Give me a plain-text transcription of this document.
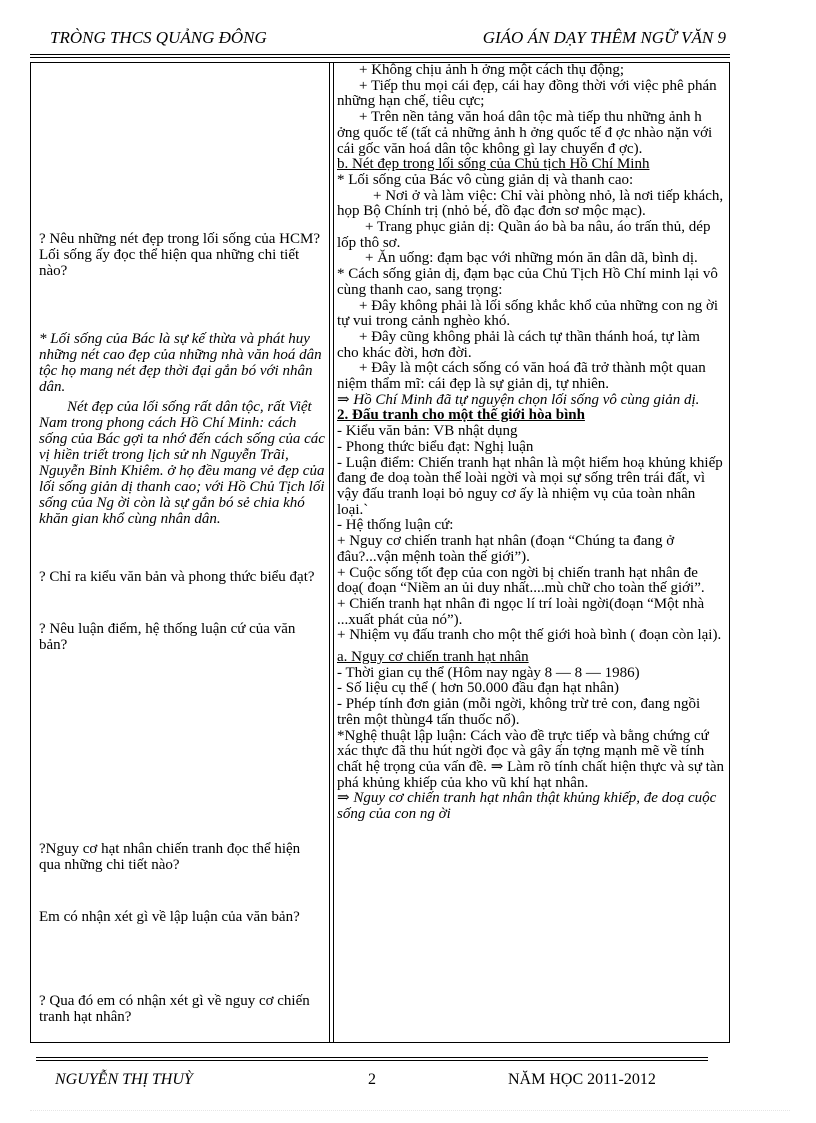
TRÒNG THCS QUẢNG ĐÔNG	GIÁO ÁN DẠY THÊM NGỮ VĂN 9
? Nêu những nét đẹp trong lối sống của HCM?Lối sống ấy đọc thể hiện qua những chi tiết nào?
* Lối sống của Bác là sự kế thừa và phát huy những nét cao đẹp của những nhà văn hoá dân tộc họ mang nét đẹp thời đại gắn bó với nhân dân.
Nét đẹp của lối sống rất dân tộc, rất Việt Nam trong phong cách Hồ Chí Minh: cách sống của Bác gợi ta nhớ đến cách sống của các vị hiền triết trong lịch sử nh Nguyễn Trãi, Nguyễn Bỉnh Khiêm. ở họ đều mang vẻ đẹp của lối sống giản dị thanh cao; với Hồ Chủ Tịch lối sống của Ng ời còn là sự gắn bó sẻ chia khó khăn gian khổ cùng nhân dân.
? Chỉ ra kiểu văn bản và phong thức biểu đạt?
? Nêu luận điểm, hệ thống luận cứ của văn bản?
?Nguy cơ hạt nhân chiến tranh đọc thể hiện qua những chi tiết nào?
Em có nhận xét gì về lập luận của văn bản?
? Qua đó em có nhận xét gì về nguy cơ chiến tranh hạt nhân?
+ Không chịu ảnh h ởng một cách thụ động;
+ Tiếp thu mọi cái đẹp, cái hay đồng thời với việc phê phán những hạn chế, tiêu cực;
+ Trên nền tảng văn hoá dân tộc mà tiếp thu những ảnh h ởng quốc tế (tất cả những ảnh h ởng quốc tế đ ợc nhào nặn với cái gốc văn hoá dân tộc không gì lay chuyển đ ợc).
b. Nét đẹp trong lối sống của Chủ tịch Hồ Chí Minh
* Lối sống của Bác vô cùng giản dị và thanh cao:
+ Nơi ở và làm việc: Chỉ vài phòng nhỏ, là nơi tiếp khách, họp Bộ Chính trị (nhỏ bé, đồ đạc đơn sơ mộc mạc).
+ Trang phục giản dị: Quần áo bà ba nâu, áo trấn thủ, dép lốp thô sơ.
+ Ăn uống: đạm bạc với những món ăn dân dã, bình dị.
* Cách sống giản dị, đạm bạc của Chủ Tịch Hồ Chí minh lại vô cùng thanh cao, sang trọng:
+ Đây không phải là lối sống khắc khổ của những con ng ời tự vui trong cảnh nghèo khó.
+ Đây cũng không phải là cách tự thần thánh hoá, tự làm cho khác đời, hơn đời.
+ Đây là một cách sống có văn hoá đã trở thành một quan niệm thẩm mĩ: cái đẹp là sự giản dị, tự nhiên.
⇒ Hồ Chí Minh đã tự nguyện chọn lối sống vô cùng giản dị.
2. Đấu tranh cho một thế giới hòa bình
- Kiểu văn bản: VB nhật dụng
- Phong thức biểu đạt: Nghị luận
- Luận điểm: Chiến tranh hạt nhân là một hiểm hoạ khủng khiếp đang đe doạ toàn thể loài ngời và mọi sự sống trên trái đất, vì vậy đấu tranh loại bỏ nguy cơ ấy là nhiệm vụ của toàn nhân loại.`
- Hệ thống luận cứ:
+ Nguy cơ chiến tranh hạt nhân (đoạn “Chúng ta đang ở đâu?...vận mệnh toàn thế giới”).
+ Cuộc sống tốt đẹp của con ngời bị chiến tranh hạt nhân đe doạ( đoạn “Niềm an ủi duy nhất....mù chữ cho toàn thế giới”.
+ Chiến tranh hạt nhân đi ngọc lí trí loài ngời(đoạn “Một nhà ...xuất phát của nó”).
+ Nhiệm vụ đấu tranh cho một thế giới hoà bình ( đoạn còn lại).
a. Nguy cơ chiến tranh hạt nhân
- Thời gian cụ thể (Hôm nay ngày 8 — 8 — 1986)
- Số liệu cụ thể ( hơn 50.000 đầu đạn hạt nhân)
- Phép tính đơn giản (mỗi ngời, không trừ trẻ con, đang ngồi trên một thùng4 tấn thuốc nổ).
*Nghệ thuật lập luận: Cách vào đề trực tiếp và bằng chứng cứ xác thực đã thu hút ngời đọc và gây ấn tợng mạnh mẽ về tính chất hệ trọng của vấn đề. ⇒ Làm rõ tính chất hiện thực và sự tàn phá khủng khiếp của kho vũ khí hạt nhân.
⇒ Nguy cơ chiến tranh hạt nhân thật khủng khiếp, đe doạ cuộc sống của con ng ời
NGUYỄN THỊ THUỲ	2	NĂM HỌC 2011-2012
